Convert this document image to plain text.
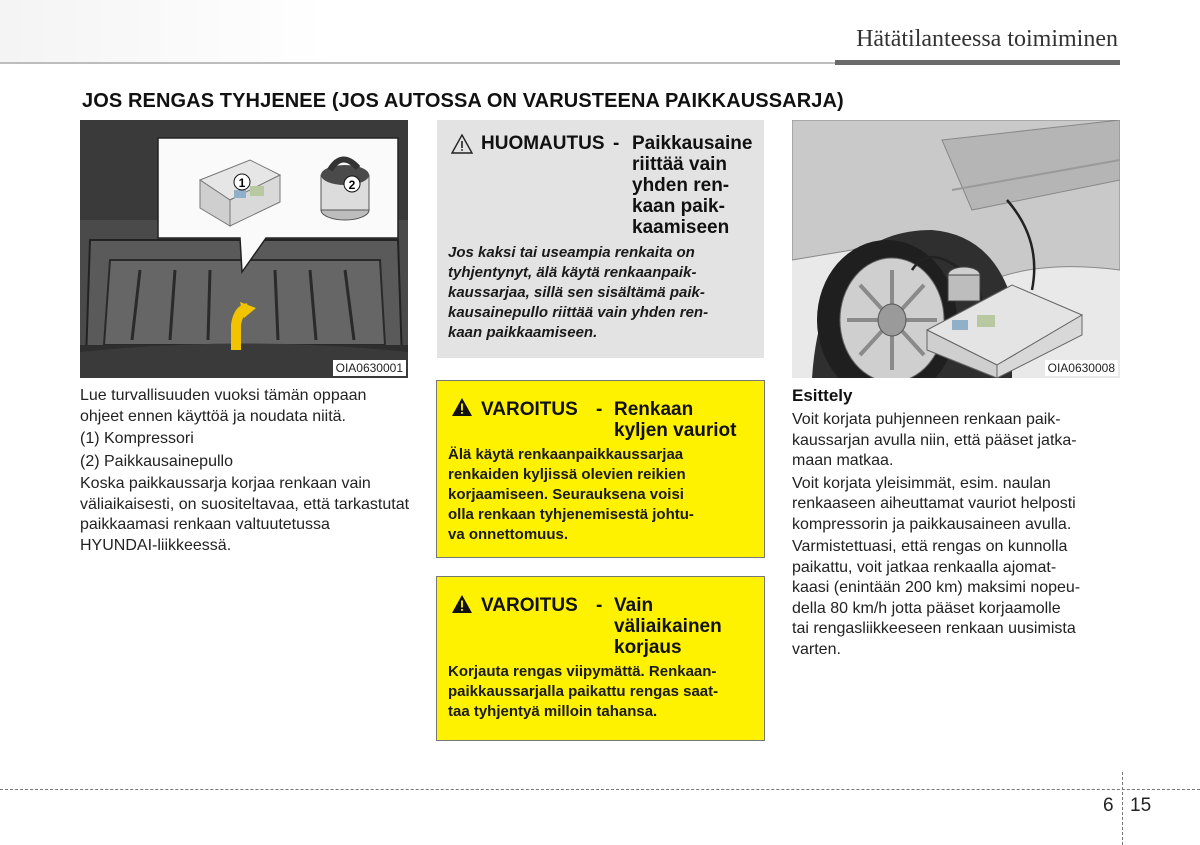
Hätätilanteessa toimiminen
JOS RENGAS TYHJENEE (JOS AUTOSSA ON VARUSTEENA PAIKKAUSSARJA)
1	2
OIA0630001

Lue turvallisuuden vuoksi tämän oppaan ohjeet ennen käyttöä ja noudata niitä.

(1) Kompressori

(2) Paikkausainepullo

Koska paikkaussarja korjaa renkaan vain väliaikaisesti, on suositeltavaa, että tarkastutat paikkaamasi renkaan valtuutetussa HYUNDAI-liikkeessä.

HUOMAUTUS - Paikkausaine
riittää vain
yhden ren-
kaan paik-
kaamiseen
Jos kaksi tai useampia renkaita on
tyhjentynyt, älä käytä renkaanpaik-
kaussarjaa, sillä sen sisältämä paik-
kausainepullo riittää vain yhden ren-
kaan paikkaamiseen.
VAROITUS - Renkaan
kyljen vauriot
Älä käytä renkaanpaikkaussarjaa
renkaiden kyljissä olevien reikien
korjaamiseen. Seurauksena voisi
olla renkaan tyhjenemisestä johtu-
va onnettomuus.
VAROITUS - Vain
väliaikainen
korjaus
Korjauta rengas viipymättä. Renkaan-
paikkaussarjalla paikattu rengas saat-
taa tyhjentyä milloin tahansa.
OIA0630008
Esittely
Voit korjata puhjenneen renkaan paik-
kaussarjan avulla niin, että pääset jatka-
maan matkaa.
Voit korjata yleisimmät, esim. naulan
renkaaseen aiheuttamat vauriot helposti
kompressorin ja paikkausaineen avulla.
Varmistettuasi, että rengas on kunnolla
paikattu, voit jatkaa renkaalla ajomat-
kaasi (enintään 200 km) maksimi nopeu-
della 80 km/h jotta pääset korjaamolle
tai rengasliikkeeseen renkaan uusimista
varten.
6 15
